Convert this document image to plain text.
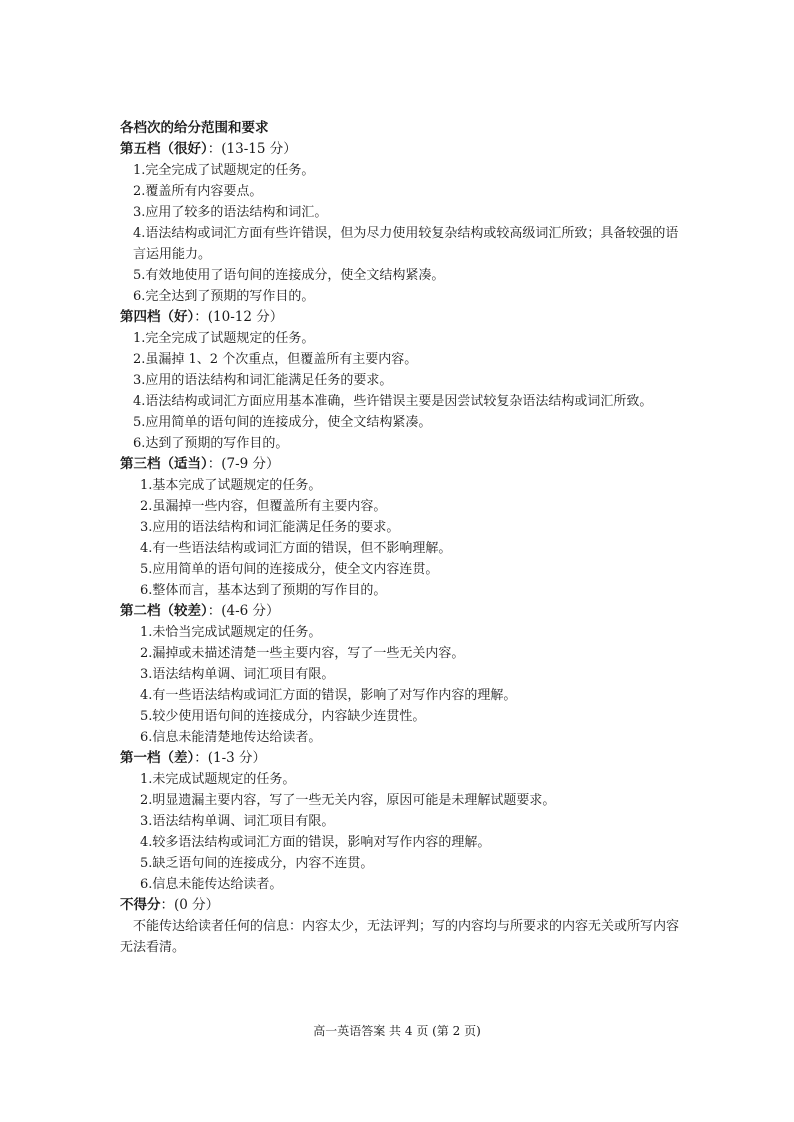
各档次的给分范围和要求

第五档（很好）：(13-15 分）

1.完全完成了试题规定的任务。
2.覆盖所有内容要点。
3.应用了较多的语法结构和词汇。
4.语法结构或词汇方面有些许错误，但为尽力使用较复杂结构或较高级词汇所致；具备较强的语言运用能力。
5.有效地使用了语句间的连接成分，使全文结构紧凑。
6.完全达到了预期的写作目的。

第四档（好）：(10-12 分）

1.完全完成了试题规定的任务。
2.虽漏掉 1、2 个次重点，但覆盖所有主要内容。
3.应用的语法结构和词汇能满足任务的要求。
4.语法结构或词汇方面应用基本准确，些许错误主要是因尝试较复杂语法结构或词汇所致。
5.应用简单的语句间的连接成分，使全文结构紧凑。
6.达到了预期的写作目的。

第三档（适当）：(7-9 分）

1.基本完成了试题规定的任务。
2.虽漏掉一些内容，但覆盖所有主要内容。
3.应用的语法结构和词汇能满足任务的要求。
4.有一些语法结构或词汇方面的错误，但不影响理解。
5.应用简单的语句间的连接成分，使全文内容连贯。
6.整体而言，基本达到了预期的写作目的。

第二档（较差）：(4-6 分）

1.未恰当完成试题规定的任务。
2.漏掉或未描述清楚一些主要内容，写了一些无关内容。
3.语法结构单调、词汇项目有限。
4.有一些语法结构或词汇方面的错误，影响了对写作内容的理解。
5.较少使用语句间的连接成分，内容缺少连贯性。
6.信息未能清楚地传达给读者。

第一档（差）：(1-3 分）

1.未完成试题规定的任务。
2.明显遗漏主要内容，写了一些无关内容，原因可能是未理解试题要求。
3.语法结构单调、词汇项目有限。
4.较多语法结构或词汇方面的错误，影响对写作内容的理解。
5.缺乏语句间的连接成分，内容不连贯。
6.信息未能传达给读者。

不得分：(0 分）

不能传达给读者任何的信息：内容太少，无法评判；写的内容均与所要求的内容无关或所写内容无法看清。

高一英语答案 共 4 页 (第 2 页)
